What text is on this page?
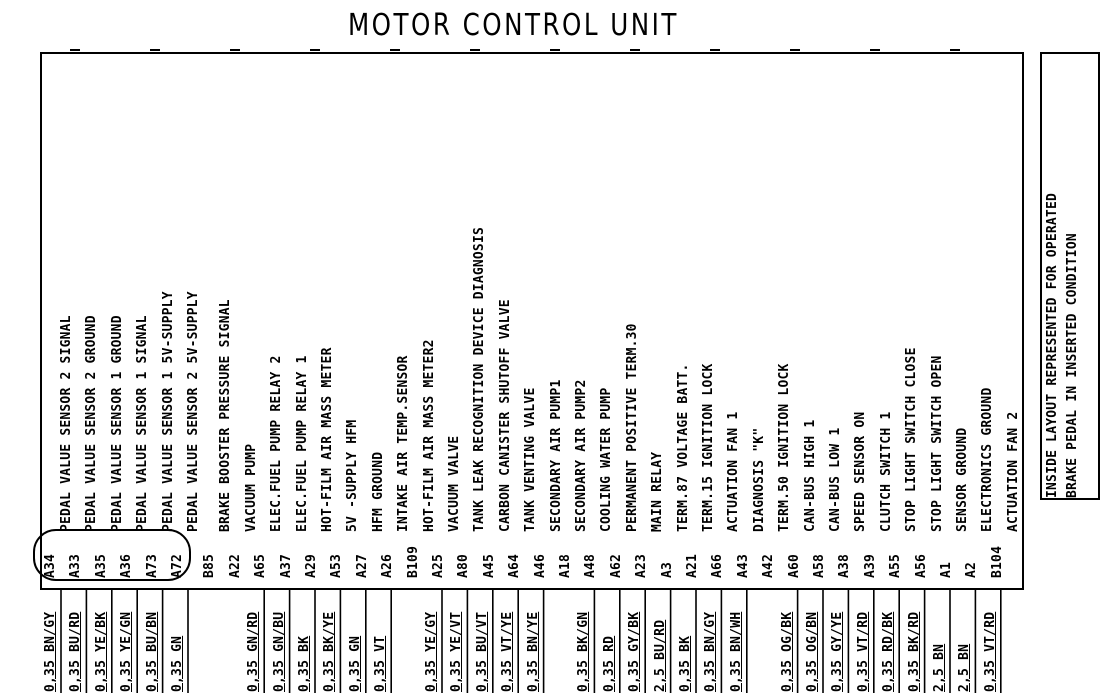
MOTOR CONTROL UNIT
PEDAL VALUE SENSOR 2 SIGNAL
A34
0,35 BN/GY
PEDAL VALUE SENSOR 2 GROUND
A33
0,35 BU/RD
PEDAL VALUE SENSOR 1 GROUND
A35
0,35 YE/BK
PEDAL VALUE SENSOR 1 SIGNAL
A36
0,35 YE/GN
PEDAL VALUE SENSOR 1 5V-SUPPLY
A73
0,35 BU/BN
PEDAL VALUE SENSOR 2 5V-SUPPLY
A72
0,35 GN
BRAKE BOOSTER PRESSURE SIGNAL
B85
VACUUM PUMP
A22
ELEC.FUEL PUMP RELAY 2
A65
0,35 GN/RD
ELEC.FUEL PUMP RELAY 1
A37
0,35 GN/BU
HOT-FILM AIR MASS METER
A29
0,35 BK
5V -SUPPLY HFM
A53
0,35 BK/YE
HFM GROUND
A27
0,35 GN
INTAKE AIR TEMP.SENSOR
A26
0,35 VT
HOT-FILM AIR MASS METER2
B109
VACUUM VALVE
A25
0,35 YE/GY
TANK LEAK RECOGNITION DEVICE DIAGNOSIS
A80
0,35 YE/VT
CARBON CANISTER SHUTOFF VALVE
A45
0,35 BU/VT
TANK VENTING VALVE
A64
0,35 VT/YE
SECONDARY AIR PUMP1
A46
0,35 BN/YE
SECONDARY AIR PUMP2
A18
COOLING WATER PUMP
A48
0,35 BK/GN
PERMANENT POSITIVE TERM.30
A62
0,35 RD
MAIN RELAY
A23
0,35 GY/BK
TERM.87 VOLTAGE BATT.
A3
2,5 BU/RD
TERM.15 IGNITION LOCK
A21
0,35 BK
ACTUATION FAN 1
A66
0,35 BN/GY
DIAGNOSIS "K"
A43
0,35 BN/WH
TERM.50 IGNITION LOCK
A42
CAN-BUS HIGH 1
A60
0,35 OG/BK
CAN-BUS LOW 1
A58
0,35 OG/BN
SPEED SENSOR ON
A38
0,35 GY/YE
CLUTCH SWITCH 1
A39
0,35 VT/RD
STOP LIGHT SWITCH CLOSE
A55
0,35 RD/BK
STOP LIGHT SWITCH OPEN
A56
0,35 BK/RD
SENSOR GROUND
A1
2,5 BN
ELECTRONICS GROUND
A2
2,5 BN
ACTUATION FAN 2
B104
0,35 VT/RD
INSIDE LAYOUT REPRESENTED FOR OPERATED BRAKE PEDAL IN INSERTED CONDITION
